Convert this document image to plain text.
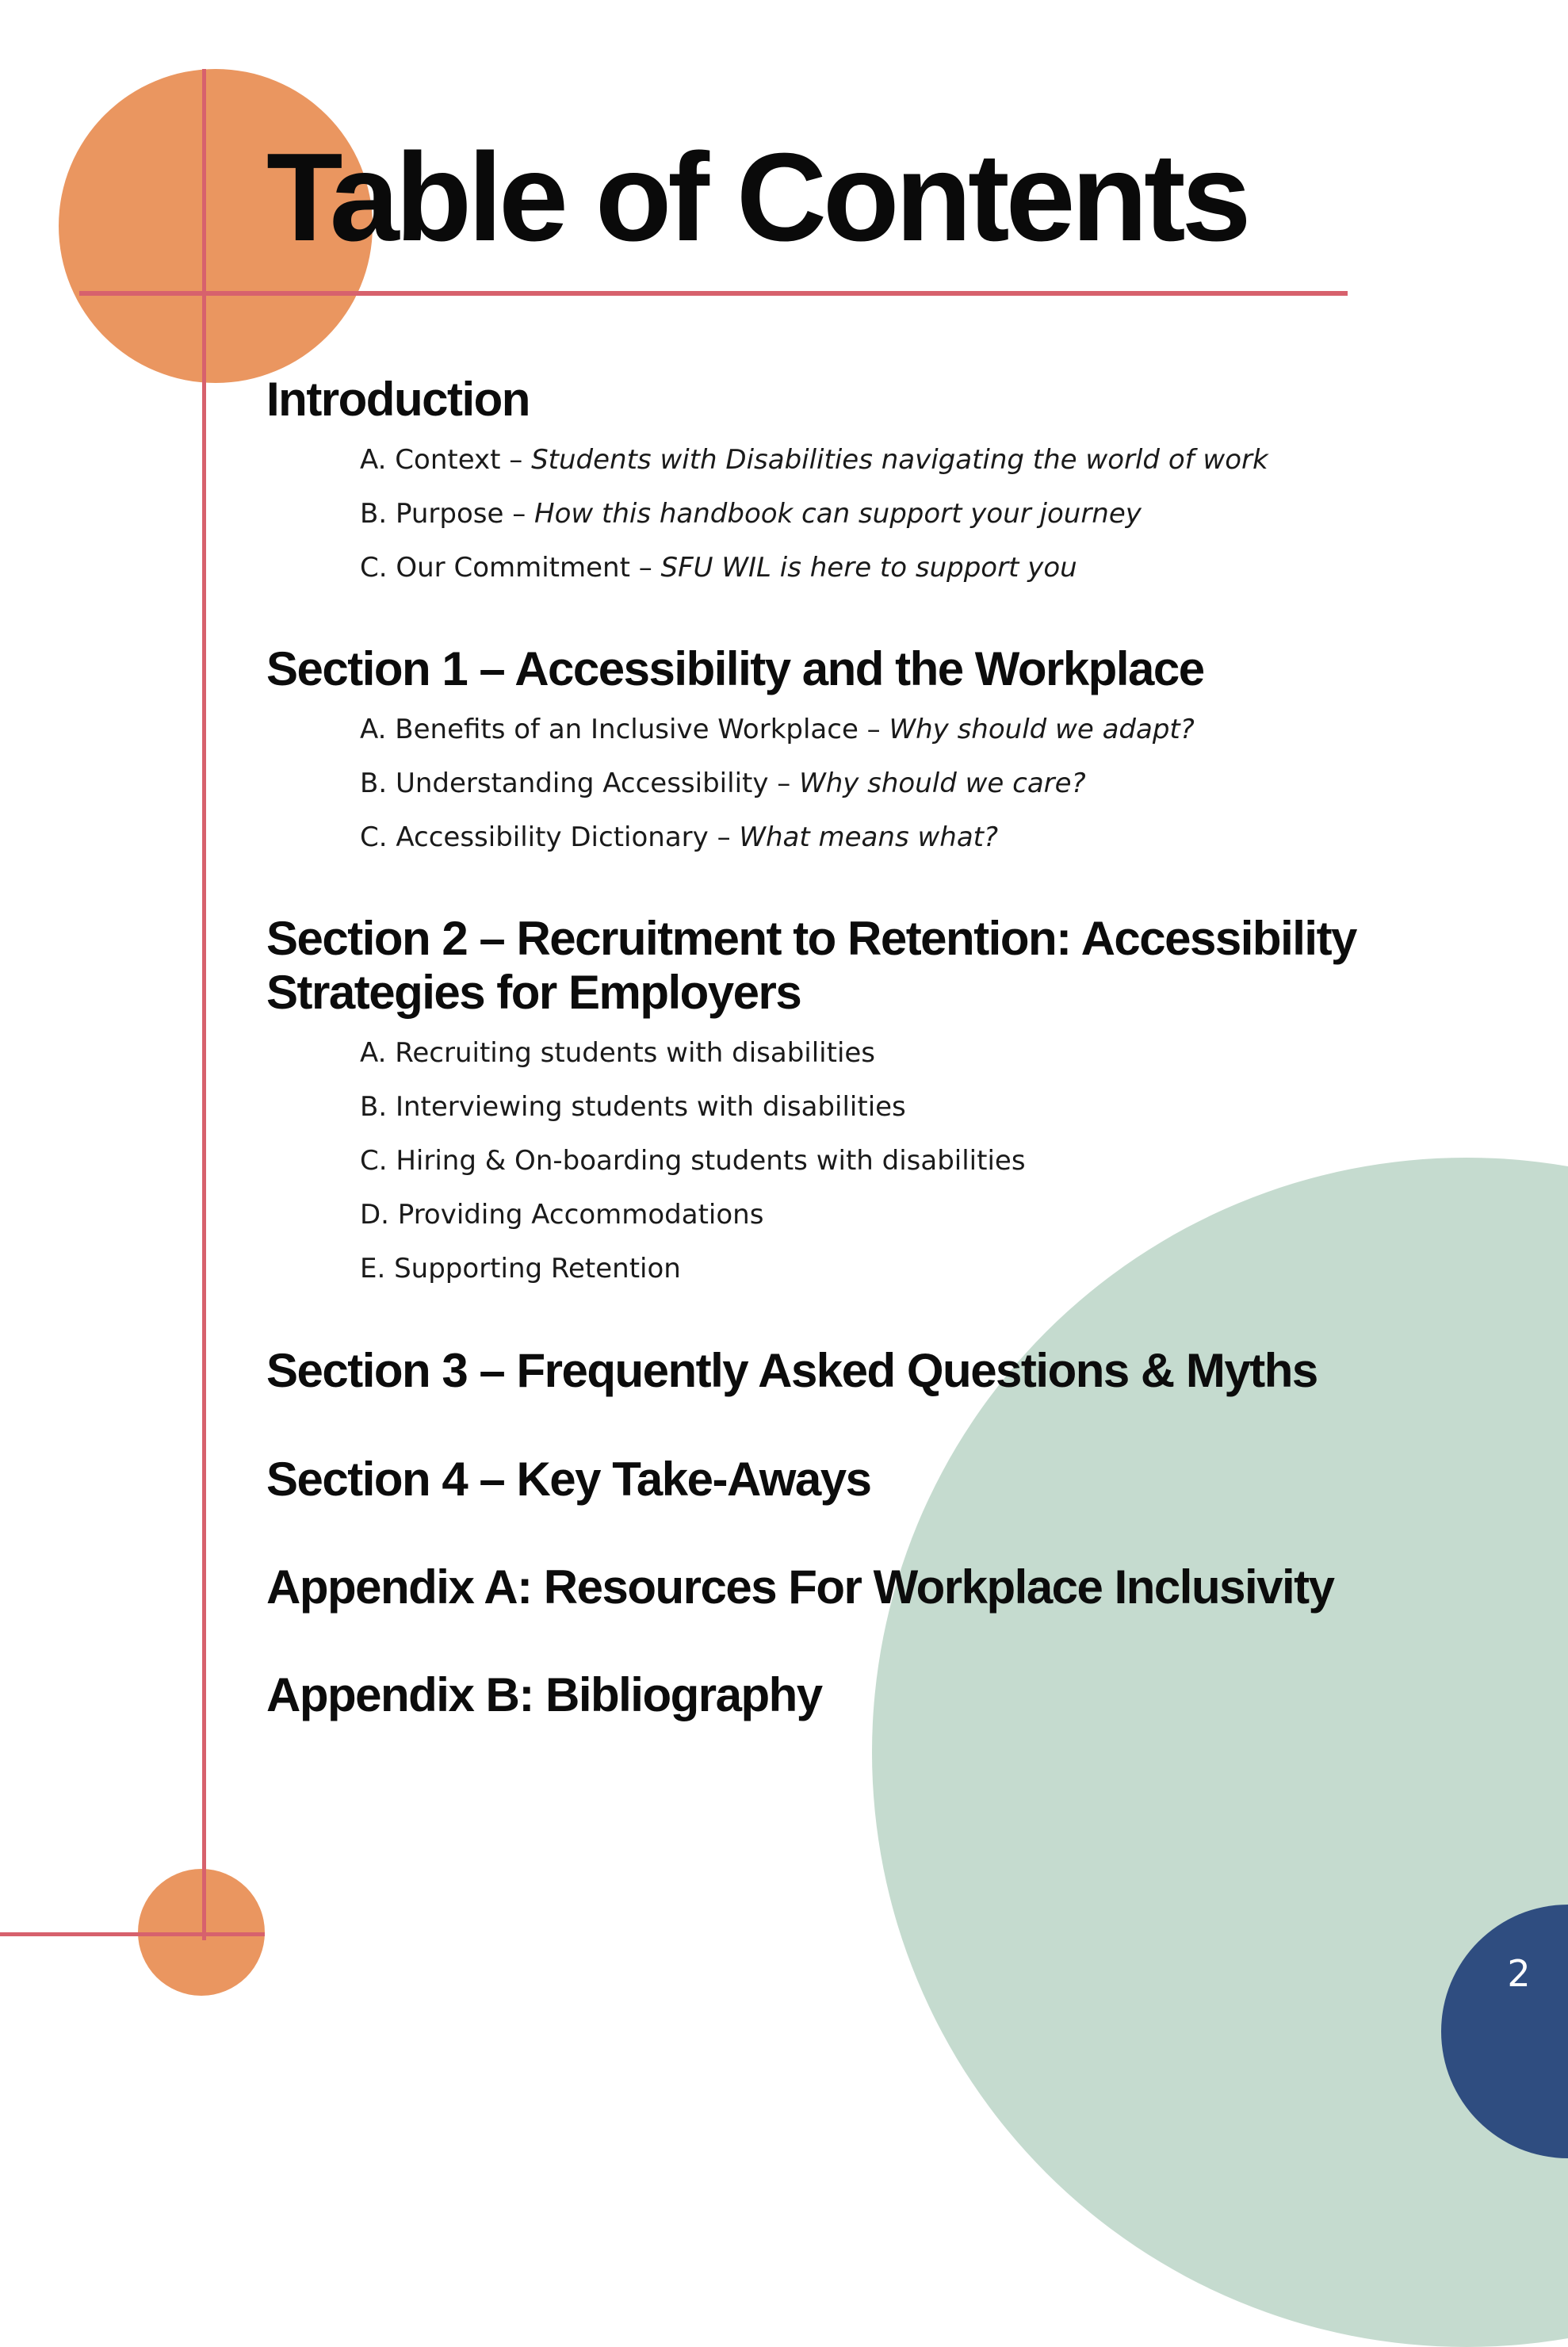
Table of Contents
Introduction
A. Context – Students with Disabilities navigating the world of work
B. Purpose – How this handbook can support your journey
C. Our Commitment – SFU WIL is here to support you
Section 1 – Accessibility and the Workplace
A. Benefits of an Inclusive Workplace – Why should we adapt?
B. Understanding Accessibility – Why should we care?
C. Accessibility Dictionary – What means what?
Section 2 – Recruitment to Retention: Accessibility
Strategies for Employers
A. Recruiting students with disabilities
B. Interviewing students with disabilities
C. Hiring & On-boarding students with disabilities
D. Providing Accommodations
E. Supporting Retention
Section 3 – Frequently Asked Questions & Myths
Section 4 – Key Take-Aways
Appendix A: Resources For Workplace Inclusivity
Appendix B: Bibliography
2
